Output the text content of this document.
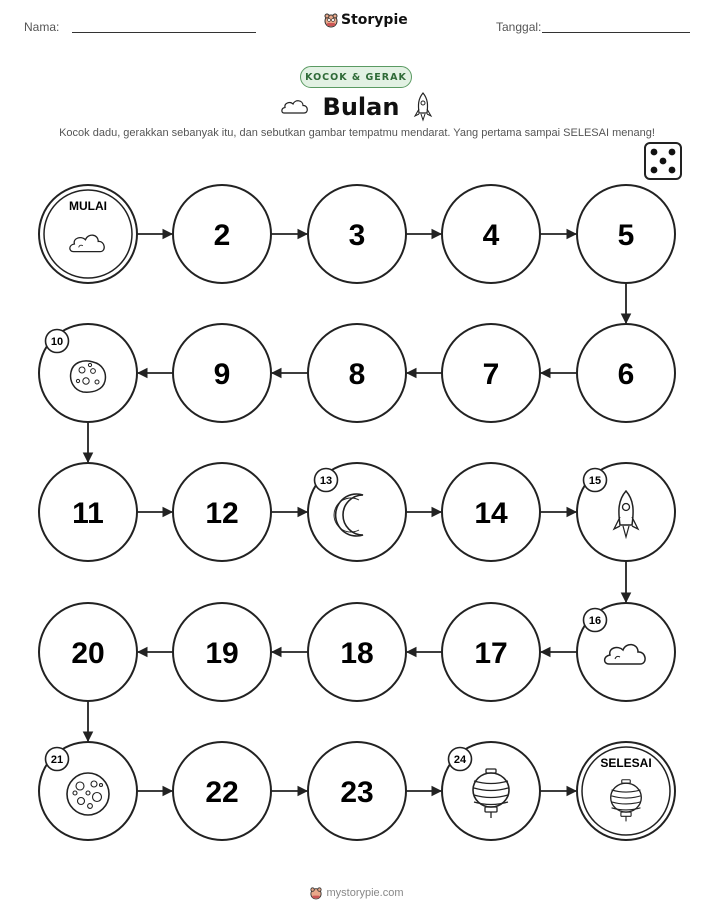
Nama:	Storypie	Tanggal:
KOCOK & GERAK
Bulan
Kocok dadu, gerakkan sebanyak itu, dan sebutkan gambar tempatmu mendarat. Yang pertama sampai SELESAI menang!
MULAI
2	3	4	5
6
7
8
9
10
11	12
13
14
15
16
17
18
19
20
21
22	23
24	SELESAI
mystorypie.com
